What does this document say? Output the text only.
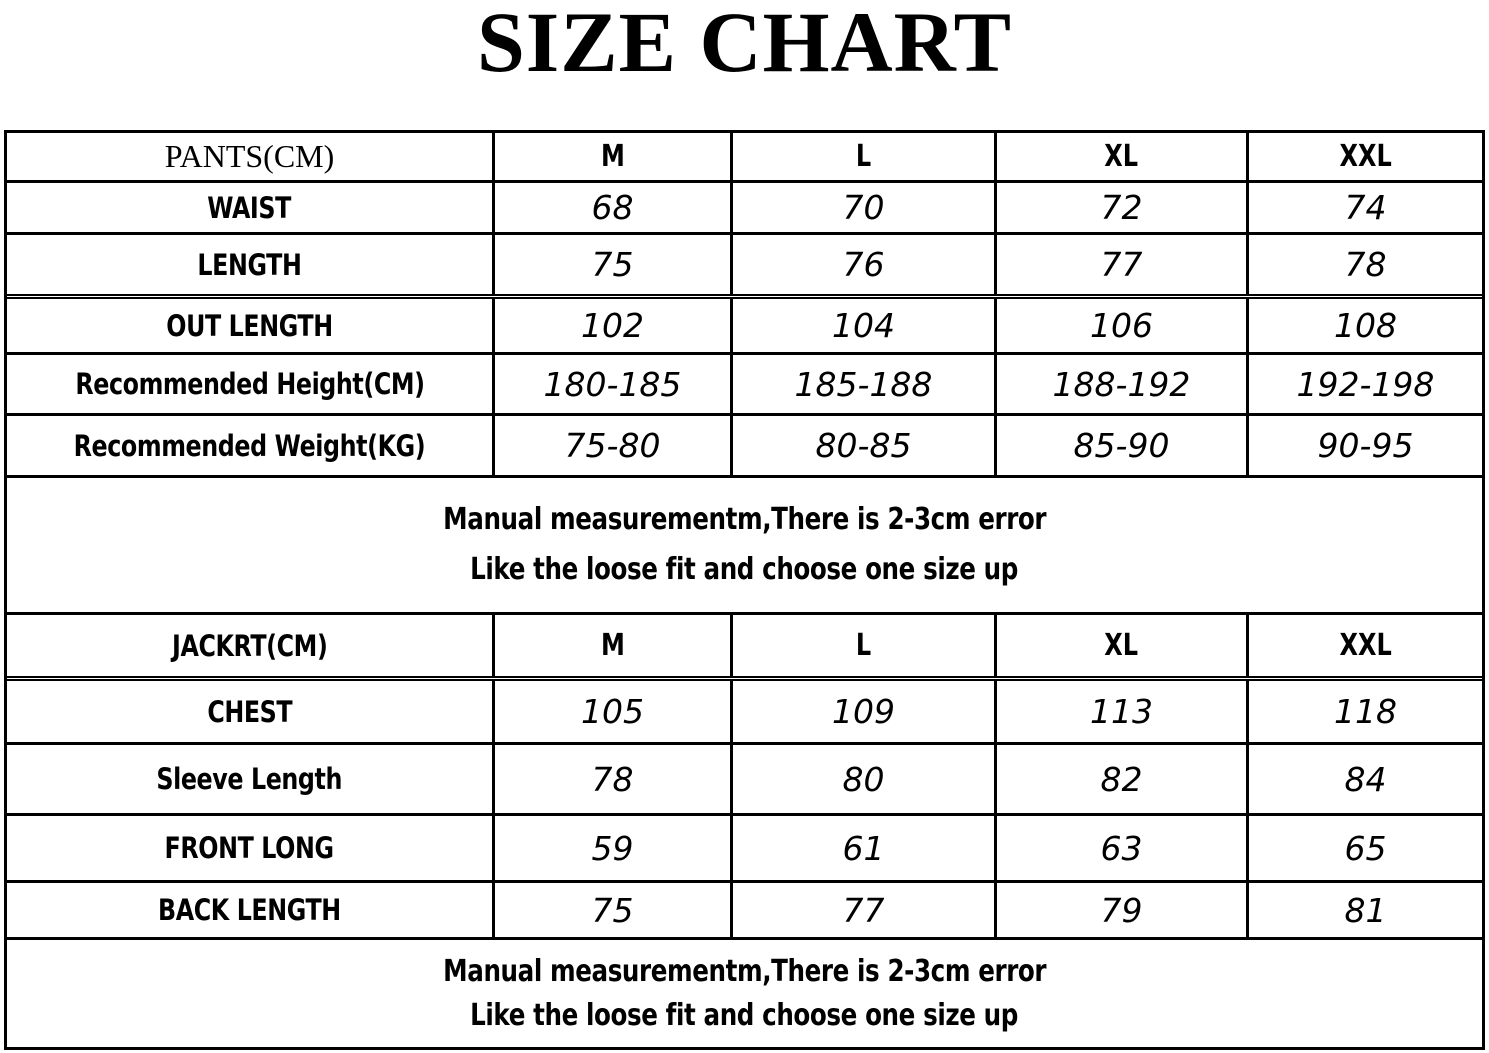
SIZE CHART
PANTS(CM)	M	L	XL	XXL
WAIST	68	70	72	74
LENGTH	75	76	77	78
OUT LENGTH	102	104	106	108
Recommended Height(CM)	180-185	185-188	188-192	192-198
Recommended Weight(KG)	75-80	80-85	85-90	90-95
Manual measurementm,There is 2-3cm error
Like the loose fit and choose one size up
JACKRT(CM)	M	L	XL	XXL
CHEST	105	109	113	118
Sleeve Length	78	80	82	84
FRONT LONG	59	61	63	65
BACK LENGTH	75	77	79	81
Manual measurementm,There is 2-3cm error
Like the loose fit and choose one size up
